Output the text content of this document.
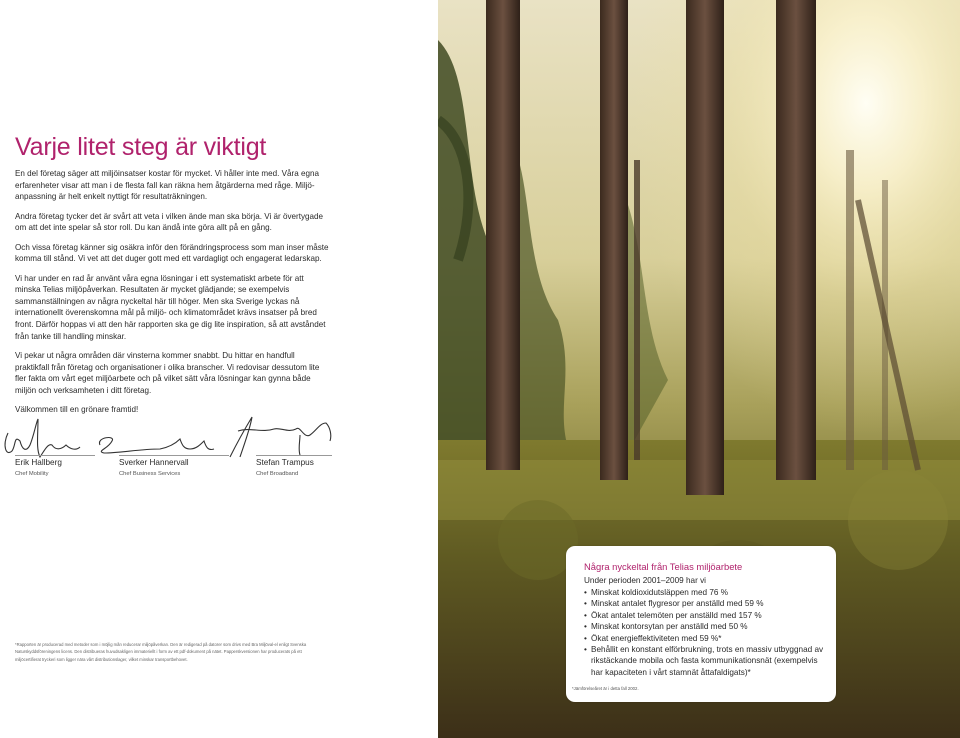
Varje litet steg är viktigt

En del företag säger att miljöinsatser kostar för mycket. Vi håller inte med. Våra egna erfarenheter visar att man i de flesta fall kan räkna hem åtgärderna med råge. Miljöanpassning är helt enkelt nyttigt för resultaträkningen.

Andra företag tycker det är svårt att veta i vilken ände man ska börja. Vi är övertygade om att det inte spelar så stor roll. Du kan ändå inte göra allt på en gång.

Och vissa företag känner sig osäkra inför den förändringsprocess som man inser måste komma till stånd. Vi vet att det duger gott med ett vardagligt och engagerat ledarskap.

Vi har under en rad år använt våra egna lösningar i ett systematiskt arbete för att minska Telias miljöpåverkan. Resultaten är mycket glädjande; se exempelvis sammanställningen av några nyckeltal här till höger. Men ska Sverige lyckas nå internationellt överenskomna mål på miljö- och klimatområdet krävs insatser på bred front. Därför hoppas vi att den här rapporten ska ge dig lite inspiration, så att avståndet från tanke till handling minskar.

Vi pekar ut några områden där vinsterna kommer snabbt. Du hittar en handfull praktikfall från företag och organisationer i olika branscher. Vi redovisar dessutom lite fler fakta om vårt eget miljöarbete och på vilket sätt våra lösningar kan gynna både miljön och verksamheten i ditt företag.

Välkommen till en grönare framtid!

Erik Hallberg
Chef Mobility
Sverker Hannervall
Chef Business Services
Stefan Trampus
Chef Broadband
*Rapporten är producerad med metoder som i möjlig mån reducerar miljöpåverkan. Den är redigerad på datorer som drivs med Bra Miljöval-el enligt Svenska Naturskyddsföreningens licens. Den distribueras huvudsakligen immateriellt i form av ett pdf-dokument på nätet. Papperskversionen har producerats på ett miljöcertifierat tryckeri som ligger nära vårt distributionslager, vilket minskar transportbehovet.
Några nyckeltal från Telias miljöarbete
Under perioden 2001–2009 har vi
• Minskat koldioxidutsläppen med 76 %
• Minskat antalet flygresor per anställd med 59 %
• Ökat antalet telemöten per anställd med 157 %
• Minskat kontorsytan per anställd med 50 %
• Ökat energieffektiviteten med 59 %*
• Behållit en konstant elförbrukning, trots en massiv utbyggnad av rikstäckande mobila och fasta kommunikationsnät (exempelvis har kapaciteten i vårt stamnät åttafaldigats)*
*Jämförelseåret är i detta fall 2002.
